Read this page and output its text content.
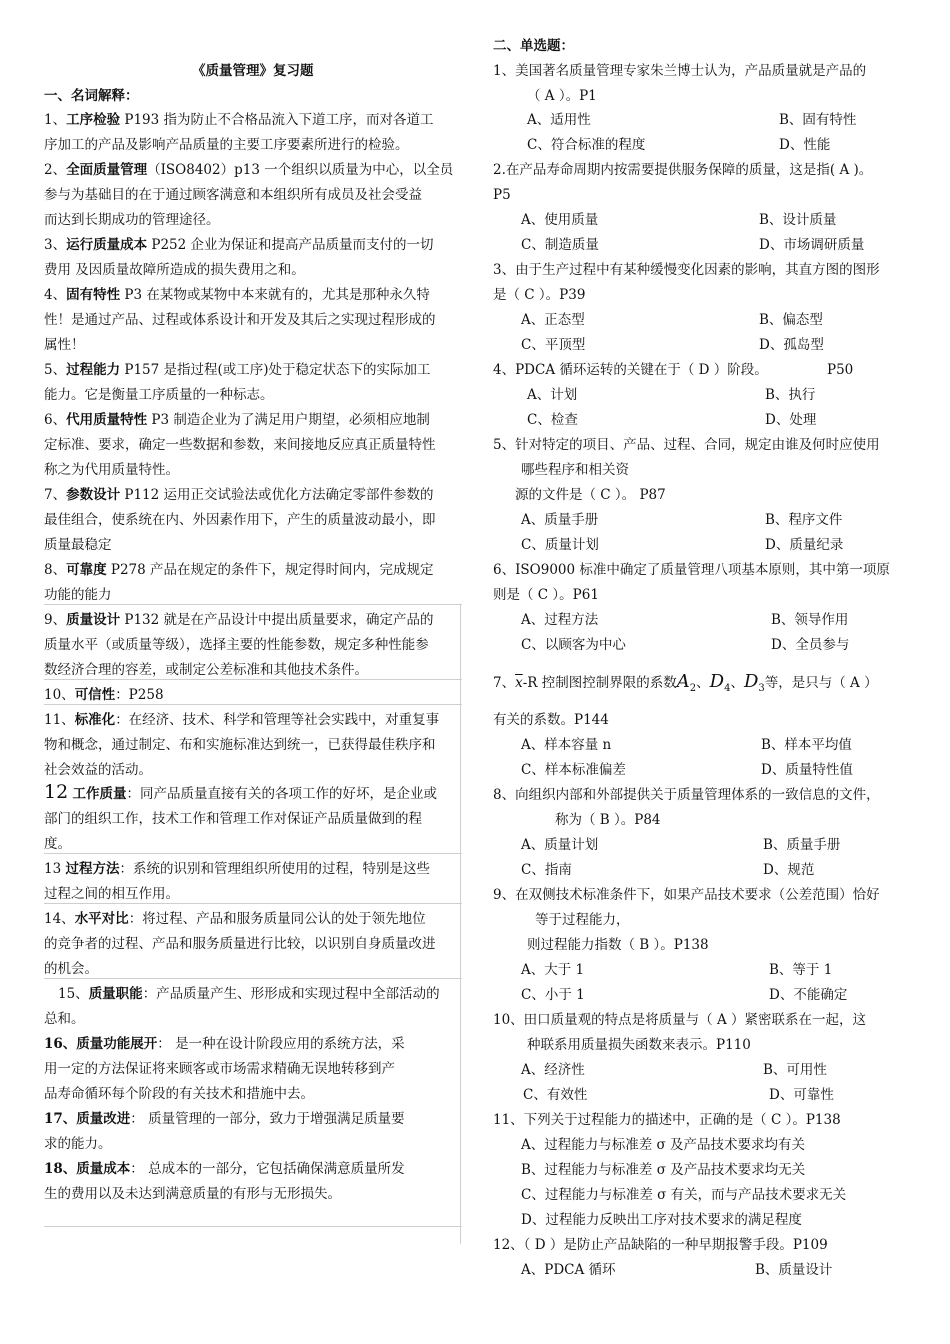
《质量管理》复习题
一、名词解释：
1、工序检验 P193 指为防止不合格品流入下道工序，而对各道工
序加工的产品及影响产品质量的主要工序要素所进行的检验。
2、全面质量管理（ISO8402）p13 一个组织以质量为中心，以全员
参与为基础目的在于通过顾客满意和本组织所有成员及社会受益
而达到长期成功的管理途径。
3、运行质量成本 P252 企业为保证和提高产品质量而支付的一切
费用 及因质量故障所造成的损失费用之和。
4、固有特性 P3 在某物或某物中本来就有的，尤其是那种永久特
性！是通过产品、过程或体系设计和开发及其后之实现过程形成的
属性！
5、过程能力 P157 是指过程(或工序)处于稳定状态下的实际加工
能力。它是衡量工序质量的一种标志。
6、代用质量特性 P3 制造企业为了满足用户期望，必须相应地制
定标准、要求，确定一些数据和参数，来间接地反应真正质量特性
称之为代用质量特性。
7、参数设计 P112 运用正交试验法或优化方法确定零部件参数的
最佳组合，使系统在内、外因素作用下，产生的质量波动最小，即
质量最稳定
8、可靠度 P278 产品在规定的条件下，规定得时间内，完成规定
功能的能力
9、质量设计 P132 就是在产品设计中提出质量要求，确定产品的
质量水平（或质量等级），选择主要的性能参数，规定多种性能参
数经济合理的容差，或制定公差标准和其他技术条件。
10、可信性：P258
11、标准化：在经济、技术、科学和管理等社会实践中，对重复事
物和概念，通过制定、布和实施标准达到统一，已获得最佳秩序和
社会效益的活动。
12 工作质量：同产品质量直接有关的各项工作的好坏，是企业或
部门的组织工作，技术工作和管理工作对保证产品质量做到的程
度。
13 过程方法：系统的识别和管理组织所使用的过程，特别是这些
过程之间的相互作用。
14、水平对比：将过程、产品和服务质量同公认的处于领先地位
的竞争者的过程、产品和服务质量进行比较，以识别自身质量改进
的机会。
15、质量职能：产品质量产生、形形成和实现过程中全部活动的
总和。
16、质量功能展开： 是一种在设计阶段应用的系统方法，采
用一定的方法保证将来顾客或市场需求精确无误地转移到产
品寿命循环每个阶段的有关技术和措施中去。
17、质量改进： 质量管理的一部分，致力于增强满足质量要
求的能力。
18、质量成本： 总成本的一部分，它包括确保满意质量所发
生的费用以及未达到满意质量的有形与无形损失。
二、单选题：
1、美国著名质量管理专家朱兰博士认为，产品质量就是产品的
（ A ）。P1
A、适用性	B、固有特性
C、符合标准的程度	D、性能
2.在产品寿命周期内按需要提供服务保障的质量，这是指( A )。
P5
A、使用质量	B、设计质量
C、制造质量	D、市场调研质量
3、由于生产过程中有某种缓慢变化因素的影响，其直方图的图形
是（ C ）。P39
A、正态型	B、偏态型
C、平顶型	D、孤岛型
4、PDCA 循环运转的关键在于（ D ）阶段。	P50
A、计划	B、执行
C、检查	D、处理
5、针对特定的项目、产品、过程、合同，规定由谁及何时应使用
哪些程序和相关资
源的文件是（ C ）。 P87
A、质量手册	B、程序文件
C、质量计划	D、质量纪录
6、ISO9000 标准中确定了质量管理八项基本原则，其中第一项原
则是（ C ）。P61
A、过程方法	B、领导作用
C、以顾客为中心	D、全员参与
7、$\overline{x}-R$ 控制图控制界限的系数$A_2$、$D_4$、$D_3$等，是只与（ A ）
有关的系数。P144
A、样本容量 n	B、样本平均值
C、样本标准偏差	D、质量特性值
8、向组织内部和外部提供关于质量管理体系的一致信息的文件，
称为（ B ）。P84
A、质量计划	B、质量手册
C、指南	D、规范
9、在双侧技术标准条件下，如果产品技术要求（公差范围）恰好
等于过程能力，
则过程能力指数（ B ）。P138
A、大于 1	B、等于 1
C、小于 1	D、不能确定
10、田口质量观的特点是将质量与（ A ）紧密联系在一起，这
种联系用质量损失函数来表示。P110
A、经济性	B、可用性
C、有效性	D、可靠性
11、下列关于过程能力的描述中，正确的是（ C ）。P138
A、过程能力与标准差 σ 及产品技术要求均有关
B、过程能力与标准差 σ 及产品技术要求均无关
C、过程能力与标准差 σ 有关，而与产品技术要求无关
D、过程能力反映出工序对技术要求的满足程度
12、（ D ）是防止产品缺陷的一种早期报警手段。P109
A、PDCA 循环	B、质量设计
